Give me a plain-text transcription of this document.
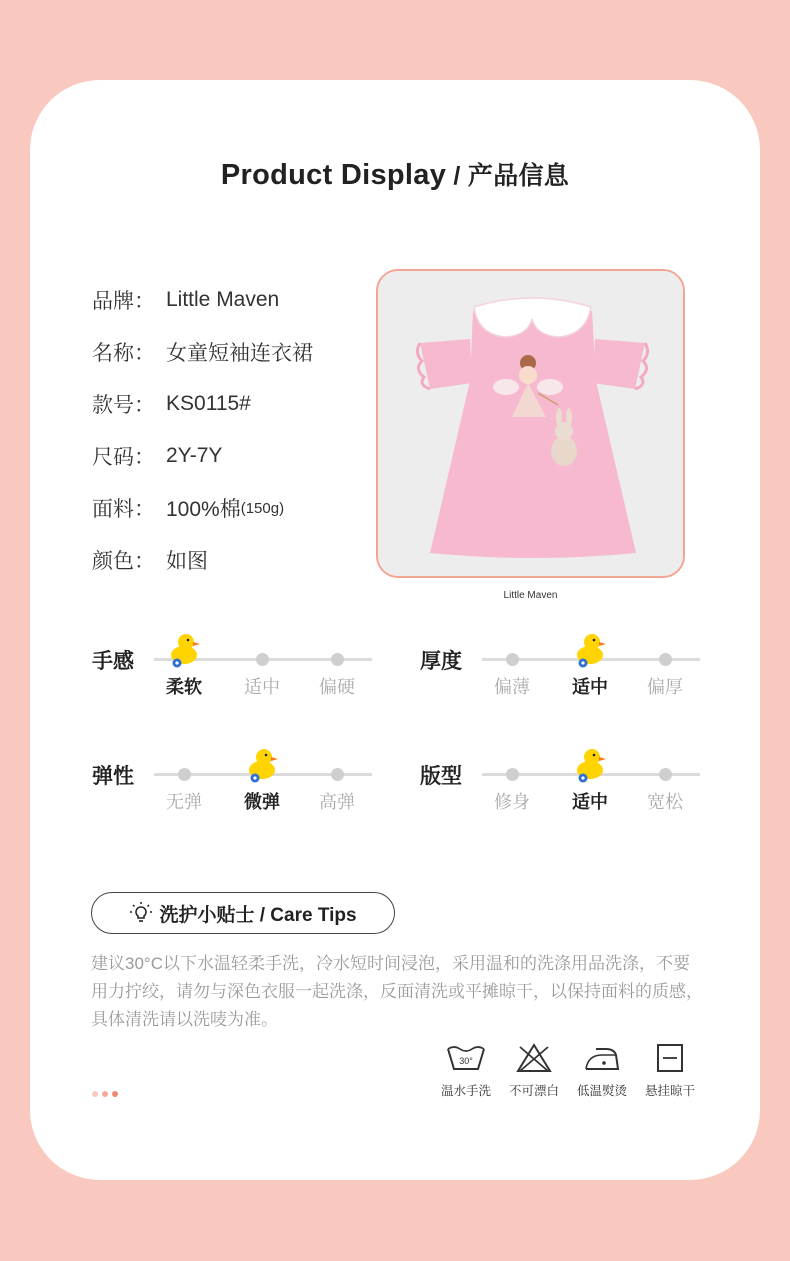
Product Display / 产品信息
品牌： Little Maven
名称： 女童短袖连衣裙
款号： KS0115#
尺码： 2Y-7Y
面料： 100%棉 (150g)
颜色： 如图
Little Maven
手感
柔软	适中	偏硬
厚度
偏薄	适中	偏厚
弹性
无弹	微弹	高弹
版型
修身	适中	宽松
洗护小贴士 / Care Tips
建议30°C以下水温轻柔手洗，冷水短时间浸泡，采用温和的洗涤用品洗涤，不要用力拧绞，请勿与深色衣服一起洗涤，反面清洗或平摊晾干，以保持面料的质感，具体清洗请以洗唛为准。
30°
温水手洗	不可漂白	低温熨烫	悬挂晾干
